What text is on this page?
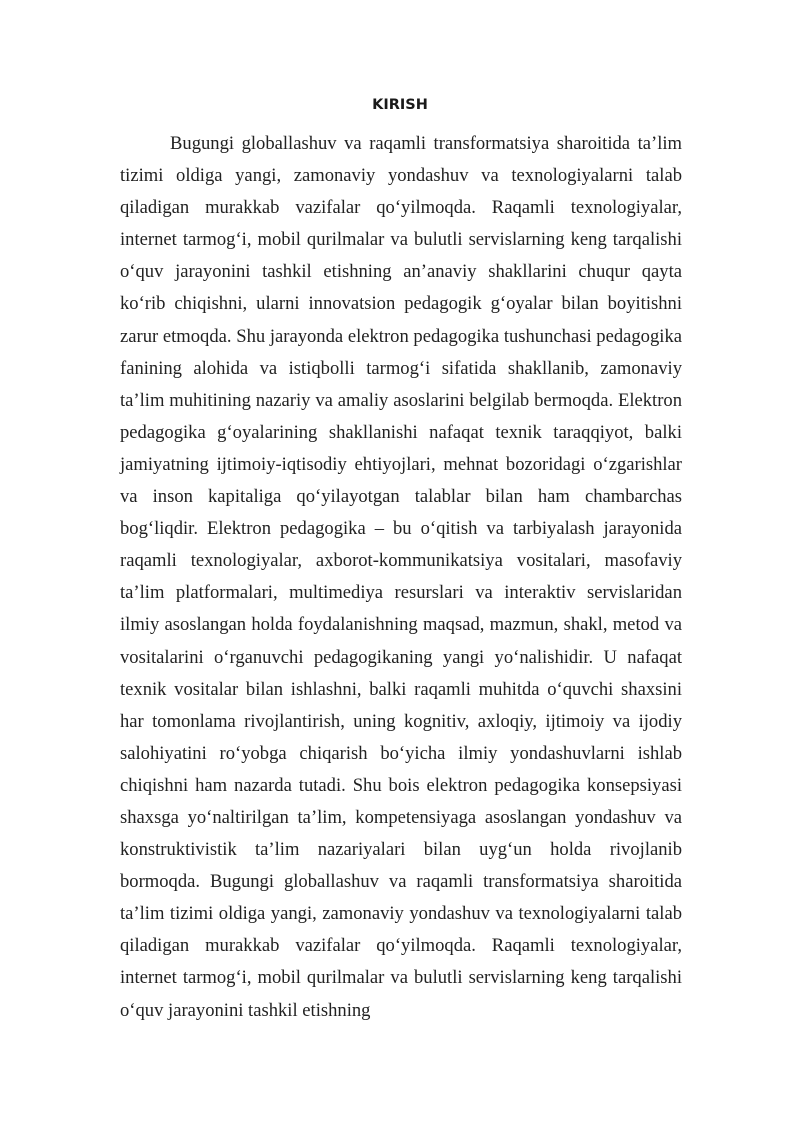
KIRISH

Bugungi globallashuv va raqamli transformatsiya sharoitida ta’lim tizimi oldiga yangi, zamonaviy yondashuv va texnologiyalarni talab qiladigan murakkab vazifalar qo‘yilmoqda. Raqamli texnologiyalar, internet tarmog‘i, mobil qurilmalar va bulutli servislarning keng tarqalishi o‘quv jarayonini tashkil etishning an’anaviy shakllarini chuqur qayta ko‘rib chiqishni, ularni innovatsion pedagogik g‘oyalar bilan boyitishni zarur etmoqda. Shu jarayonda elektron pedagogika tushunchasi pedagogika fanining alohida va istiqbolli tarmog‘i sifatida shakllanib, zamonaviy ta’lim muhitining nazariy va amaliy asoslarini belgilab bermoqda. Elektron pedagogika g‘oyalarining shakllanishi nafaqat texnik taraqqiyot, balki jamiyatning ijtimoiy-iqtisodiy ehtiyojlari, mehnat bozoridagi o‘zgarishlar va inson kapitaliga qo‘yilayotgan talablar bilan ham chambarchas bog‘liqdir. Elektron pedagogika – bu o‘qitish va tarbiyalash jarayonida raqamli texnologiyalar, axborot-kommunikatsiya vositalari, masofaviy ta’lim platformalari, multimediya resurslari va interaktiv servislaridan ilmiy asoslangan holda foydalanishning maqsad, mazmun, shakl, metod va vositalarini o‘rganuvchi pedagogikaning yangi yo‘nalishidir. U nafaqat texnik vositalar bilan ishlashni, balki raqamli muhitda o‘quvchi shaxsini har tomonlama rivojlantirish, uning kognitiv, axloqiy, ijtimoiy va ijodiy salohiyatini ro‘yobga chiqarish bo‘yicha ilmiy yondashuvlarni ishlab chiqishni ham nazarda tutadi. Shu bois elektron pedagogika konsepsiyasi shaxsga yo‘naltirilgan ta’lim, kompetensiyaga asoslangan yondashuv va konstruktivistik ta’lim nazariyalari bilan uyg‘un holda rivojlanib bormoqda. Bugungi globallashuv va raqamli transformatsiya sharoitida ta’lim tizimi oldiga yangi, zamonaviy yondashuv va texnologiyalarni talab qiladigan murakkab vazifalar qo‘yilmoqda. Raqamli texnologiyalar, internet tarmog‘i, mobil qurilmalar va bulutli servislarning keng tarqalishi o‘quv jarayonini tashkil etishning
